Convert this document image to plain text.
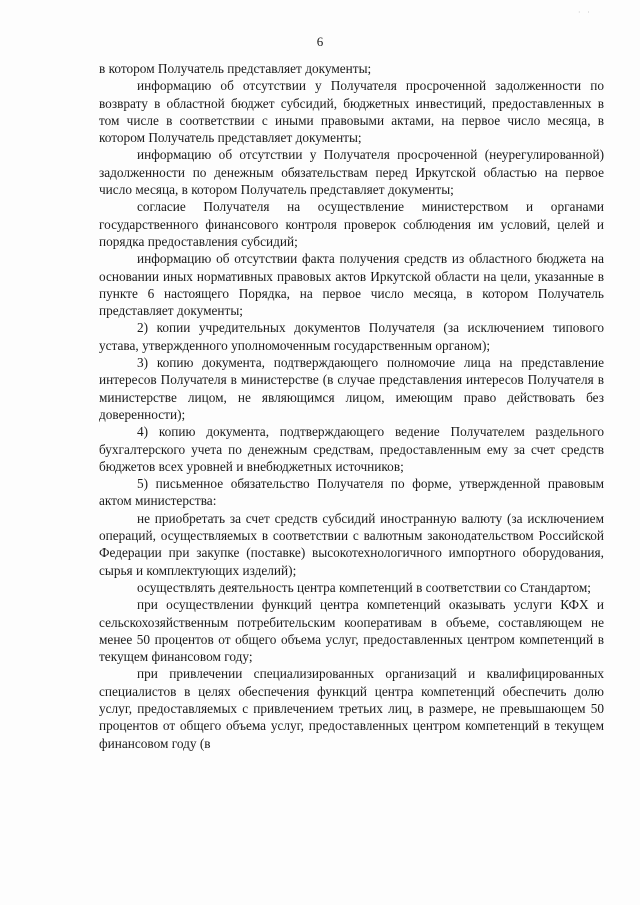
· ·
6

в котором Получатель представляет документы;

информацию об отсутствии у Получателя просроченной задолженности по возврату в областной бюджет субсидий, бюджетных инвестиций, предоставленных в том числе в соответствии с иными правовыми актами, на первое число месяца, в котором Получатель представляет документы;

информацию об отсутствии у Получателя просроченной (неурегулированной) задолженности по денежным обязательствам перед Иркутской областью на первое число месяца, в котором Получатель представляет документы;

согласие Получателя на осуществление министерством и органами государственного финансового контроля проверок соблюдения им условий, целей и порядка предоставления субсидий;

информацию об отсутствии факта получения средств из областного бюджета на основании иных нормативных правовых актов Иркутской области на цели, указанные в пункте 6 настоящего Порядка, на первое число месяца, в котором Получатель представляет документы;

2) копии учредительных документов Получателя (за исключением типового устава, утвержденного уполномоченным государственным органом);

3) копию документа, подтверждающего полномочие лица на представление интересов Получателя в министерстве (в случае представления интересов Получателя в министерстве лицом, не являющимся лицом, имеющим право действовать без доверенности);

4) копию документа, подтверждающего ведение Получателем раздельного бухгалтерского учета по денежным средствам, предоставленным ему за счет средств бюджетов всех уровней и внебюджетных источников;

5) письменное обязательство Получателя по форме, утвержденной правовым актом министерства:

не приобретать за счет средств субсидий иностранную валюту (за исключением операций, осуществляемых в соответствии с валютным законодательством Российской Федерации при закупке (поставке) высокотехнологичного импортного оборудования, сырья и комплектующих изделий);

осуществлять деятельность центра компетенций в соответствии со Стандартом;

при осуществлении функций центра компетенций оказывать услуги КФХ и сельскохозяйственным потребительским кооперативам в объеме, составляющем не менее 50 процентов от общего объема услуг, предоставленных центром компетенций в текущем финансовом году;

при привлечении специализированных организаций и квалифицированных специалистов в целях обеспечения функций центра компетенций обеспечить долю услуг, предоставляемых с привлечением третьих лиц, в размере, не превышающем 50 процентов от общего объема услуг, предоставленных центром компетенций в текущем финансовом году (в
